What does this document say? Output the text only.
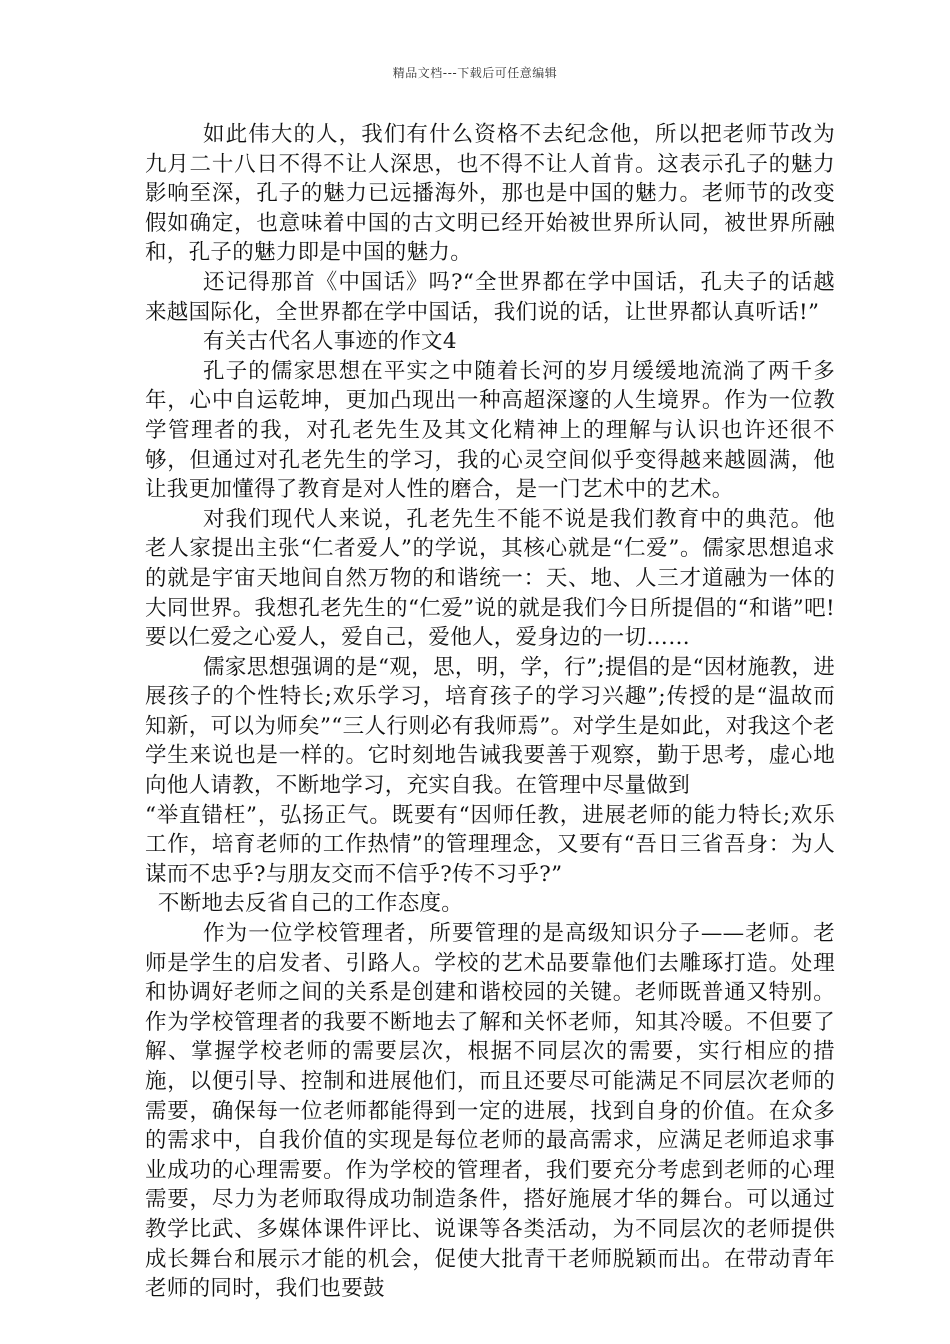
精品文档---下载后可任意编辑

如此伟大的人，我们有什么资格不去纪念他，所以把老师节改为九月二十八日不得不让人深思，也不得不让人首肯。这表示孔子的魅力影响至深，孔子的魅力已远播海外，那也是中国的魅力。老师节的改变假如确定，也意味着中国的古文明已经开始被世界所认同，被世界所融和，孔子的魅力即是中国的魅力。

还记得那首《中国话》吗?“全世界都在学中国话，孔夫子的话越来越国际化，全世界都在学中国话，我们说的话，让世界都认真听话!”

有关古代名人事迹的作文4

孔子的儒家思想在平实之中随着长河的岁月缓缓地流淌了两千多年，心中自运乾坤，更加凸现出一种高超深邃的人生境界。作为一位教学管理者的我，对孔老先生及其文化精神上的理解与认识也许还很不够，但通过对孔老先生的学习，我的心灵空间似乎变得越来越圆满，他让我更加懂得了教育是对人性的磨合，是一门艺术中的艺术。

对我们现代人来说，孔老先生不能不说是我们教育中的典范。他老人家提出主张“仁者爱人”的学说，其核心就是“仁爱”。儒家思想追求的就是宇宙天地间自然万物的和谐统一：天、地、人三才道融为一体的大同世界。我想孔老先生的“仁爱”说的就是我们今日所提倡的“和谐”吧!要以仁爱之心爱人，爱自己，爱他人，爱身边的一切……

儒家思想强调的是“观，思，明，学，行”;提倡的是“因材施教，进展孩子的个性特长;欢乐学习，培育孩子的学习兴趣”;传授的是“温故而知新，可以为师矣”“三人行则必有我师焉”。对学生是如此，对我这个老学生来说也是一样的。它时刻地告诫我要善于观察，勤于思考，虚心地向他人请教，不断地学习，充实自我。在管理中尽量做到

“举直错枉”，弘扬正气。既要有“因师任教，进展老师的能力特长;欢乐工作，培育老师的工作热情”的管理理念，又要有“吾日三省吾身：为人谋而不忠乎?与朋友交而不信乎?传不习乎?”

不断地去反省自己的工作态度。

作为一位学校管理者，所要管理的是高级知识分子——老师。老师是学生的启发者、引路人。学校的艺术品要靠他们去雕琢打造。处理和协调好老师之间的关系是创建和谐校园的关键。老师既普通又特别。作为学校管理者的我要不断地去了解和关怀老师，知其冷暖。不但要了解、掌握学校老师的需要层次，根据不同层次的需要，实行相应的措施，以便引导、控制和进展他们，而且还要尽可能满足不同层次老师的需要，确保每一位老师都能得到一定的进展，找到自身的价值。在众多的需求中，自我价值的实现是每位老师的最高需求，应满足老师追求事业成功的心理需要。作为学校的管理者，我们要充分考虑到老师的心理需要，尽力为老师取得成功制造条件，搭好施展才华的舞台。可以通过教学比武、多媒体课件评比、说课等各类活动，为不同层次的老师提供成长舞台和展示才能的机会，促使大批青干老师脱颖而出。在带动青年老师的同时，我们也要鼓
